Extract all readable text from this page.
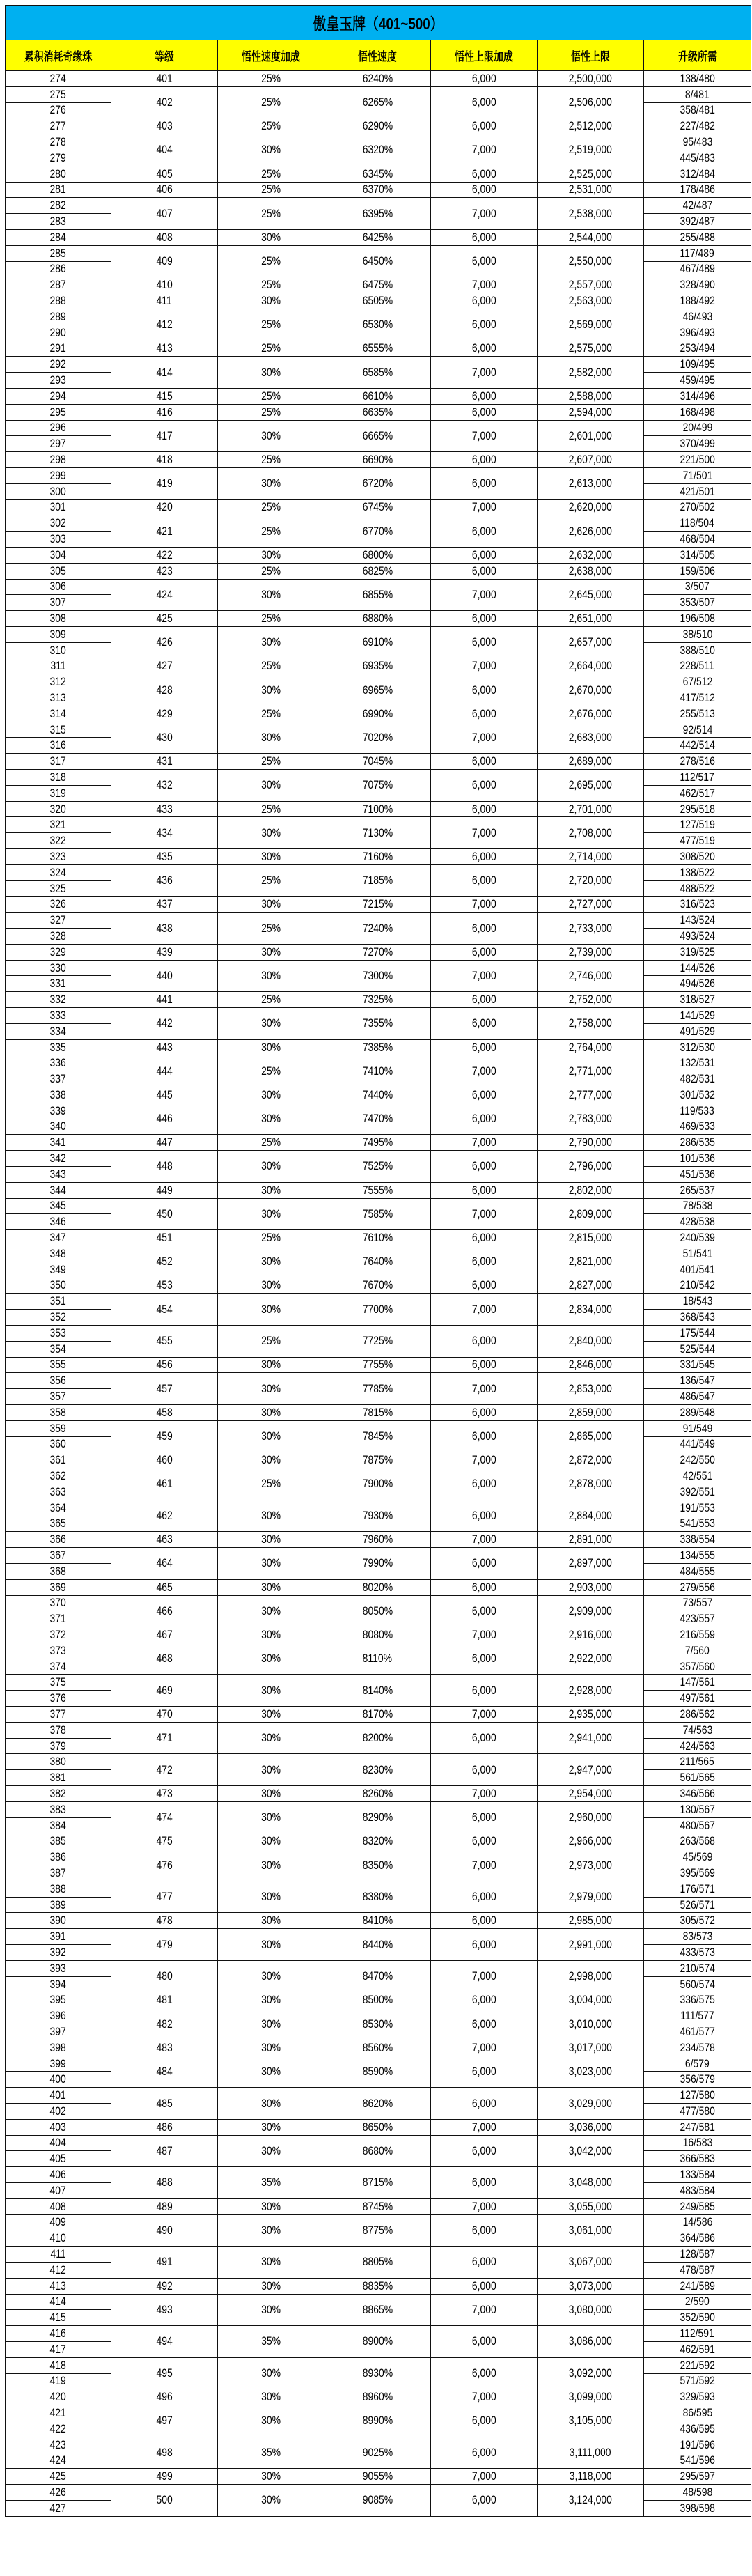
傲皇玉牌（401~500）						
累积消耗奇缘珠	等级	悟性速度加成	悟性速度	悟性上限加成	悟性上限	升级所需
274	401	25%	6240%	6,000	2,500,000	138/480
275	402	25%	6265%	6,000	2,506,000	8/481
276						358/481
277	403	25%	6290%	6,000	2,512,000	227/482
278	404	30%	6320%	7,000	2,519,000	95/483
279						445/483
280	405	25%	6345%	6,000	2,525,000	312/484
281	406	25%	6370%	6,000	2,531,000	178/486
282	407	25%	6395%	7,000	2,538,000	42/487
283						392/487
284	408	30%	6425%	6,000	2,544,000	255/488
285	409	25%	6450%	6,000	2,550,000	117/489
286						467/489
287	410	25%	6475%	7,000	2,557,000	328/490
288	411	30%	6505%	6,000	2,563,000	188/492
289	412	25%	6530%	6,000	2,569,000	46/493
290						396/493
291	413	25%	6555%	6,000	2,575,000	253/494
292	414	30%	6585%	7,000	2,582,000	109/495
293						459/495
294	415	25%	6610%	6,000	2,588,000	314/496
295	416	25%	6635%	6,000	2,594,000	168/498
296	417	30%	6665%	7,000	2,601,000	20/499
297						370/499
298	418	25%	6690%	6,000	2,607,000	221/500
299	419	30%	6720%	6,000	2,613,000	71/501
300						421/501
301	420	25%	6745%	7,000	2,620,000	270/502
302	421	25%	6770%	6,000	2,626,000	118/504
303						468/504
304	422	30%	6800%	6,000	2,632,000	314/505
305	423	25%	6825%	6,000	2,638,000	159/506
306	424	30%	6855%	7,000	2,645,000	3/507
307						353/507
308	425	25%	6880%	6,000	2,651,000	196/508
309	426	30%	6910%	6,000	2,657,000	38/510
310						388/510
311	427	25%	6935%	7,000	2,664,000	228/511
312	428	30%	6965%	6,000	2,670,000	67/512
313						417/512
314	429	25%	6990%	6,000	2,676,000	255/513
315	430	30%	7020%	7,000	2,683,000	92/514
316						442/514
317	431	25%	7045%	6,000	2,689,000	278/516
318	432	30%	7075%	6,000	2,695,000	112/517
319						462/517
320	433	25%	7100%	6,000	2,701,000	295/518
321	434	30%	7130%	7,000	2,708,000	127/519
322						477/519
323	435	30%	7160%	6,000	2,714,000	308/520
324	436	25%	7185%	6,000	2,720,000	138/522
325						488/522
326	437	30%	7215%	7,000	2,727,000	316/523
327	438	25%	7240%	6,000	2,733,000	143/524
328						493/524
329	439	30%	7270%	6,000	2,739,000	319/525
330	440	30%	7300%	7,000	2,746,000	144/526
331						494/526
332	441	25%	7325%	6,000	2,752,000	318/527
333	442	30%	7355%	6,000	2,758,000	141/529
334						491/529
335	443	30%	7385%	6,000	2,764,000	312/530
336	444	25%	7410%	7,000	2,771,000	132/531
337						482/531
338	445	30%	7440%	6,000	2,777,000	301/532
339	446	30%	7470%	6,000	2,783,000	119/533
340						469/533
341	447	25%	7495%	7,000	2,790,000	286/535
342	448	30%	7525%	6,000	2,796,000	101/536
343						451/536
344	449	30%	7555%	6,000	2,802,000	265/537
345	450	30%	7585%	7,000	2,809,000	78/538
346						428/538
347	451	25%	7610%	6,000	2,815,000	240/539
348	452	30%	7640%	6,000	2,821,000	51/541
349						401/541
350	453	30%	7670%	6,000	2,827,000	210/542
351	454	30%	7700%	7,000	2,834,000	18/543
352						368/543
353	455	25%	7725%	6,000	2,840,000	175/544
354						525/544
355	456	30%	7755%	6,000	2,846,000	331/545
356	457	30%	7785%	7,000	2,853,000	136/547
357						486/547
358	458	30%	7815%	6,000	2,859,000	289/548
359	459	30%	7845%	6,000	2,865,000	91/549
360						441/549
361	460	30%	7875%	7,000	2,872,000	242/550
362	461	25%	7900%	6,000	2,878,000	42/551
363						392/551
364	462	30%	7930%	6,000	2,884,000	191/553
365						541/553
366	463	30%	7960%	7,000	2,891,000	338/554
367	464	30%	7990%	6,000	2,897,000	134/555
368						484/555
369	465	30%	8020%	6,000	2,903,000	279/556
370	466	30%	8050%	6,000	2,909,000	73/557
371						423/557
372	467	30%	8080%	7,000	2,916,000	216/559
373	468	30%	8110%	6,000	2,922,000	7/560
374						357/560
375	469	30%	8140%	6,000	2,928,000	147/561
376						497/561
377	470	30%	8170%	7,000	2,935,000	286/562
378	471	30%	8200%	6,000	2,941,000	74/563
379						424/563
380	472	30%	8230%	6,000	2,947,000	211/565
381						561/565
382	473	30%	8260%	7,000	2,954,000	346/566
383	474	30%	8290%	6,000	2,960,000	130/567
384						480/567
385	475	30%	8320%	6,000	2,966,000	263/568
386	476	30%	8350%	7,000	2,973,000	45/569
387						395/569
388	477	30%	8380%	6,000	2,979,000	176/571
389						526/571
390	478	30%	8410%	6,000	2,985,000	305/572
391	479	30%	8440%	6,000	2,991,000	83/573
392						433/573
393	480	30%	8470%	7,000	2,998,000	210/574
394						560/574
395	481	30%	8500%	6,000	3,004,000	336/575
396	482	30%	8530%	6,000	3,010,000	111/577
397						461/577
398	483	30%	8560%	7,000	3,017,000	234/578
399	484	30%	8590%	6,000	3,023,000	6/579
400						356/579
401	485	30%	8620%	6,000	3,029,000	127/580
402						477/580
403	486	30%	8650%	7,000	3,036,000	247/581
404	487	30%	8680%	6,000	3,042,000	16/583
405						366/583
406	488	35%	8715%	6,000	3,048,000	133/584
407						483/584
408	489	30%	8745%	7,000	3,055,000	249/585
409	490	30%	8775%	6,000	3,061,000	14/586
410						364/586
411	491	30%	8805%	6,000	3,067,000	128/587
412						478/587
413	492	30%	8835%	6,000	3,073,000	241/589
414	493	30%	8865%	7,000	3,080,000	2/590
415						352/590
416	494	35%	8900%	6,000	3,086,000	112/591
417						462/591
418	495	30%	8930%	6,000	3,092,000	221/592
419						571/592
420	496	30%	8960%	7,000	3,099,000	329/593
421	497	30%	8990%	6,000	3,105,000	86/595
422						436/595
423	498	35%	9025%	6,000	3,111,000	191/596
424						541/596
425	499	30%	9055%	7,000	3,118,000	295/597
426	500	30%	9085%	6,000	3,124,000	48/598
427						398/598
